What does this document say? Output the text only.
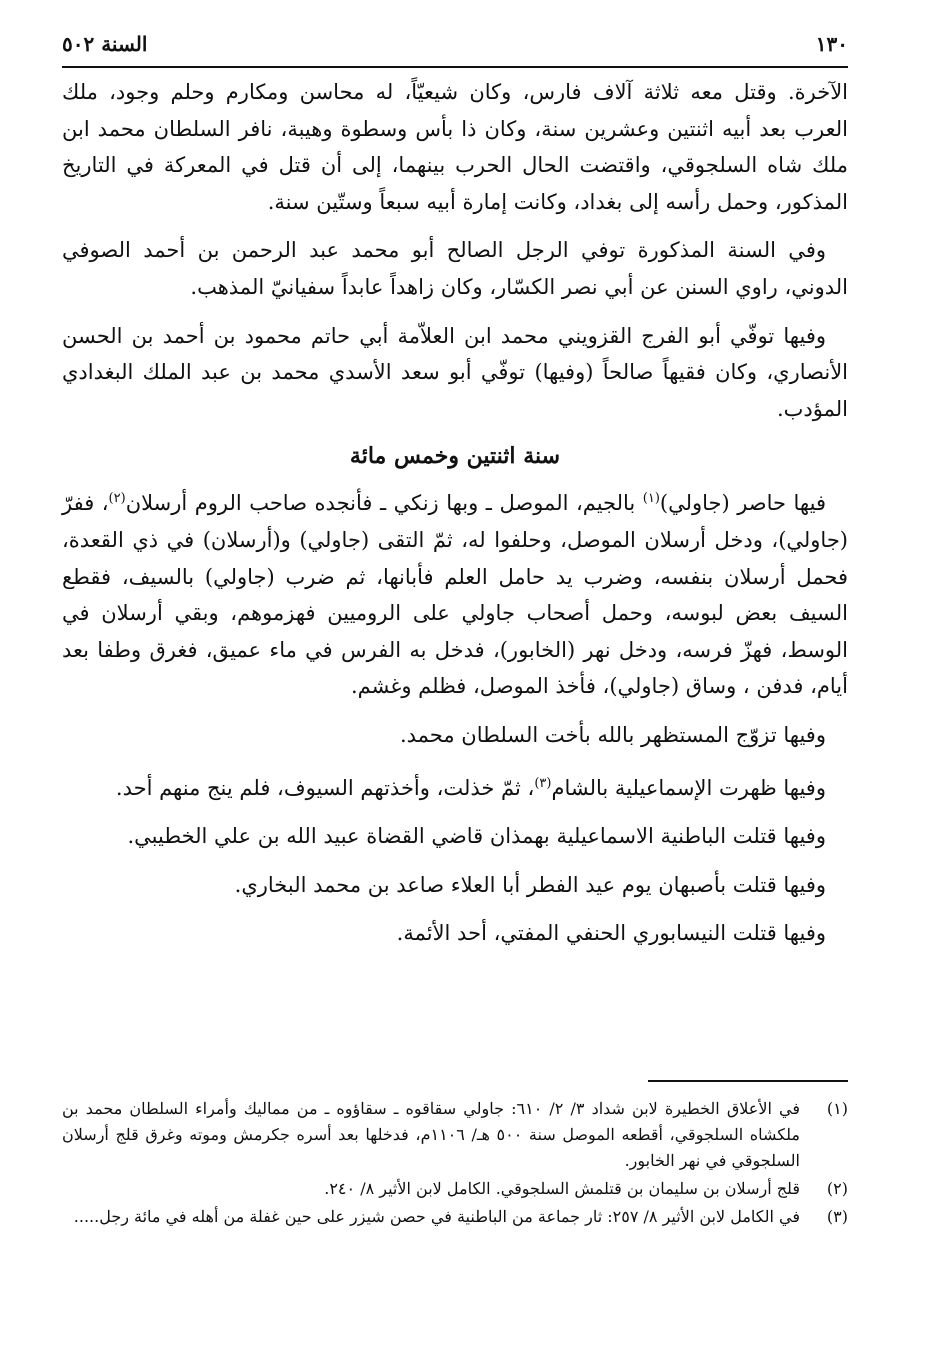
١٣٠
السنة ٥٠٢

الآخرة. وقتل معه ثلاثة آلاف فارس، وكان شيعيّاً، له محاسن ومكارم وحلم وجود، ملك العرب بعد أبيه اثنتين وعشرين سنة، وكان ذا بأس وسطوة وهيبة، نافر السلطان محمد ابن ملك شاه السلجوقي، واقتضت الحال الحرب بينهما، إلى أن قتل في المعركة في التاريخ المذكور، وحمل رأسه إلى بغداد، وكانت إمارة أبيه سبعاً وستّين سنة.

وفي السنة المذكورة توفي الرجل الصالح أبو محمد عبد الرحمن بن أحمد الصوفي الدوني، راوي السنن عن أبي نصر الكسّار، وكان زاهداً عابداً سفيانيّ المذهب.

وفيها توفّي أبو الفرج القزويني محمد ابن العلاّمة أبي حاتم محمود بن أحمد بن الحسن الأنصاري، وكان فقيهاً صالحاً (وفيها) توفّي أبو سعد الأسدي محمد بن عبد الملك البغدادي المؤدب.

سنة اثنتين وخمس مائة

فيها حاصر (جاولي)$^{(١)}$ بالجيم، الموصل ـ وبها زنكي ـ فأنجده صاحب الروم أرسلان$^{(٢)}$، ففرّ (جاولي)، ودخل أرسلان الموصل، وحلفوا له، ثمّ التقى (جاولي) و(أرسلان) في ذي القعدة، فحمل أرسلان بنفسه، وضرب يد حامل العلم فأبانها، ثم ضرب (جاولي) بالسيف، فقطع السيف بعض لبوسه، وحمل أصحاب جاولي على الروميين فهزموهم، وبقي أرسلان في الوسط، فهزّ فرسه، ودخل نهر (الخابور)، فدخل به الفرس في ماء عميق، فغرق وطفا بعد أيام، فدفن ، وساق (جاولي)، فأخذ الموصل، فظلم وغشم.

وفيها تزوّج المستظهر بالله بأخت السلطان محمد.

وفيها ظهرت الإسماعيلية بالشام$^{(٣)}$، ثمّ خذلت، وأخذتهم السيوف، فلم ينج منهم أحد.

وفيها قتلت الباطنية الاسماعيلية بهمذان قاضي القضاة عبيد الله بن علي الخطيبي.

وفيها قتلت بأصبهان يوم عيد الفطر أبا العلاء صاعد بن محمد البخاري.

وفيها قتلت النيسابوري الحنفي المفتي، أحد الأئمة.

(١)
في الأعلاق الخطيرة لابن شداد ٣/ ٢/ ٦١٠: جاولي سقاقوه ـ سقاؤوه ـ من مماليك وأمراء السلطان محمد بن ملكشاه السلجوقي، أقطعه الموصل سنة ٥٠٠ هـ/ ١١٠٦م، فدخلها بعد أسره جكرمش وموته وغرق قلج أرسلان السلجوقي في نهر الخابور.
(٢)
قلج أرسلان بن سليمان بن قتلمش السلجوقي. الكامل لابن الأثير ٨/ ٢٤٠.
(٣)
في الكامل لابن الأثير ٨/ ٢٥٧: ثار جماعة من الباطنية في حصن شيزر على حين غفلة من أهله في مائة رجل.....
